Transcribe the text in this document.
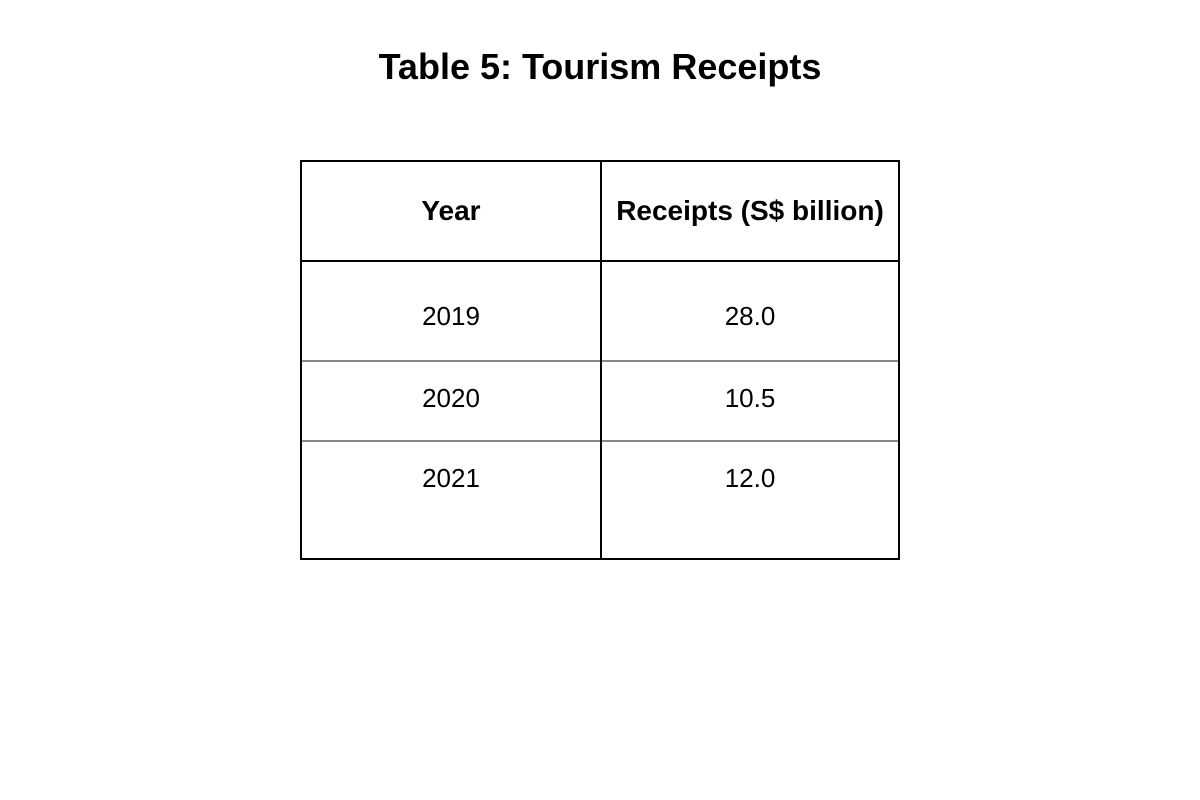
Table 5: Tourism Receipts
Year	Receipts (S$ billion)
2019	28.0
2020	10.5
2021	12.0
